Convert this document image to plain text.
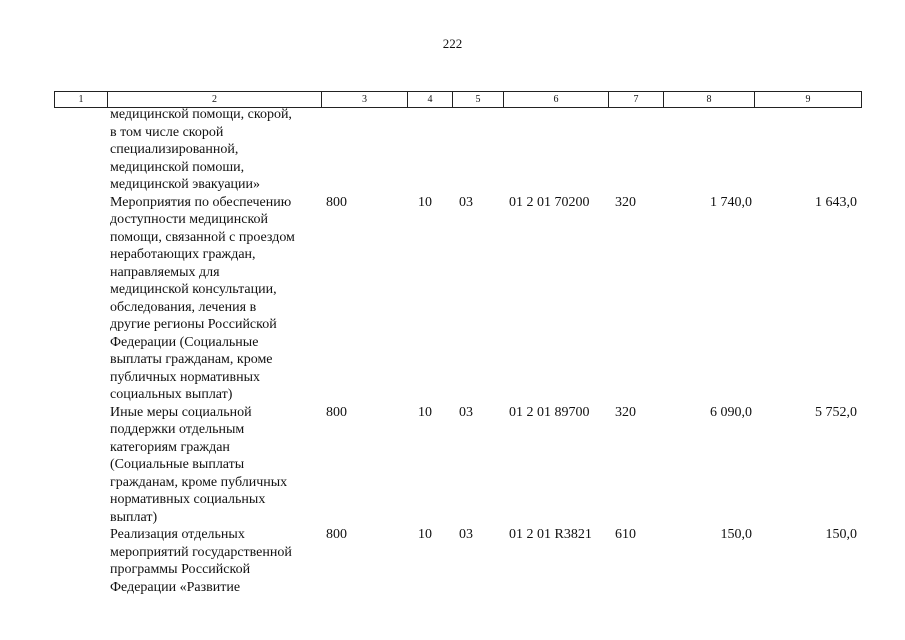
222
1	2	3	4	5	6	7	8	9
медицинской помощи, скорой,
в том числе скорой
специализированной,
медицинской помоши,
медицинской эвакуации»
Мероприятия по обеспечению
доступности медицинской
помощи, связанной с проездом
неработающих граждан,
направляемых для
медицинской консультации,
обследования, лечения в
другие регионы Российской
Федерации (Социальные
выплаты гражданам, кроме
публичных нормативных
социальных выплат)
800	10	03	01 2 01 70200	320	1 740,0	1 643,0
Иные меры социальной
поддержки отдельным
категориям граждан
(Социальные выплаты
гражданам, кроме публичных
нормативных социальных
выплат)
800	10	03	01 2 01 89700	320	6 090,0	5 752,0
Реализация отдельных
мероприятий государственной
программы Российской
Федерации «Развитие
800	10	03	01 2 01 R3821	610	150,0	150,0
